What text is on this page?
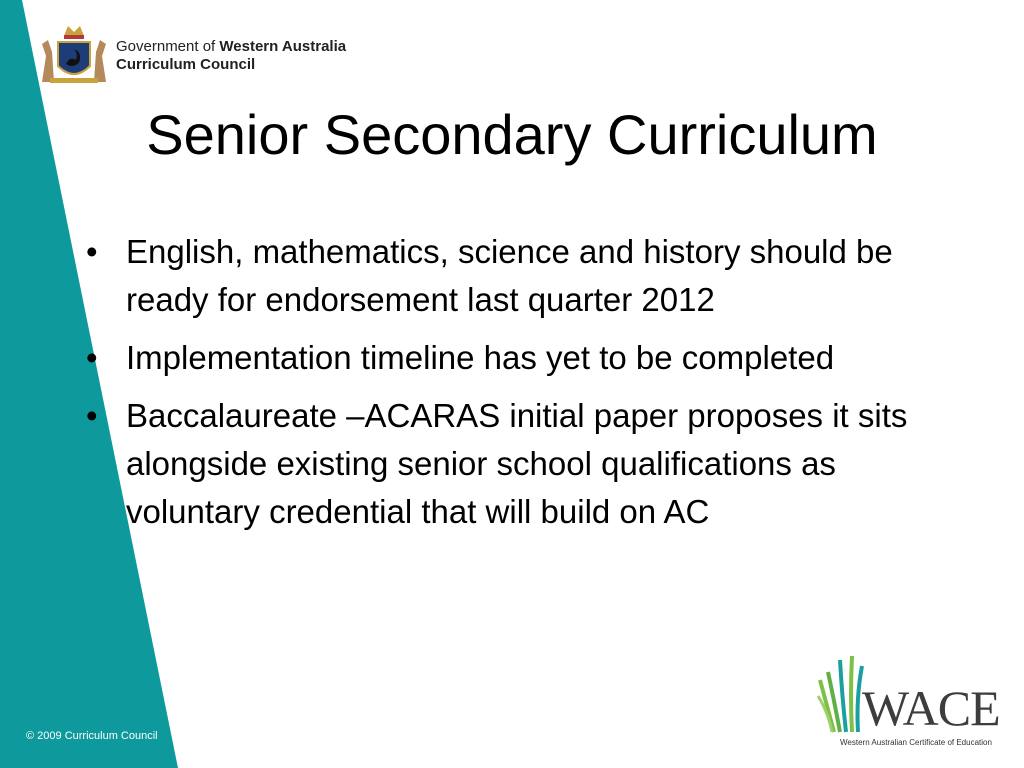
Government of Western Australia
Curriculum Council
Senior Secondary Curriculum
• English, mathematics, science and history should be ready for endorsement last quarter 2012
• Implementation timeline has yet to be completed
• Baccalaureate –ACARAS initial paper proposes it sits alongside existing senior school qualifications as voluntary credential that will build on AC
© 2009 Curriculum Council	WACE
Western Australian Certificate of Education
